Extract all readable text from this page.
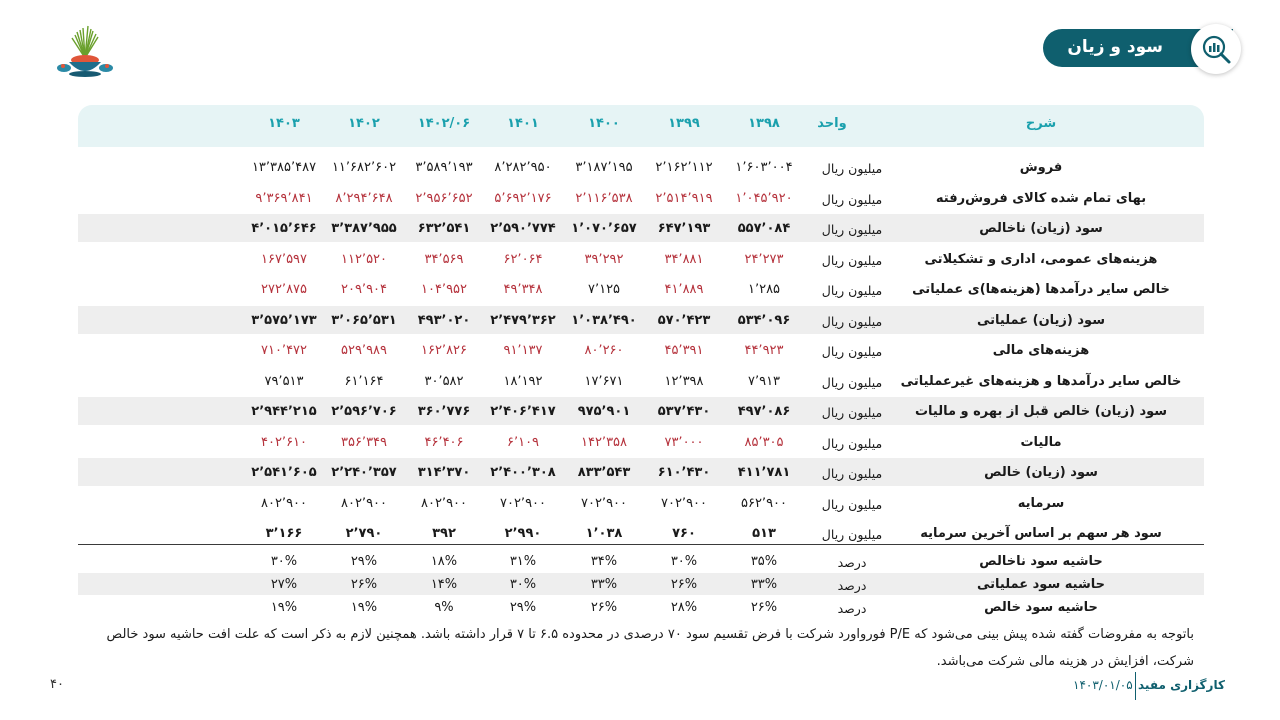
سود و زیان
شرح
واحد
۱۳۹۸
۱۳۹۹
۱۴۰۰
۱۴۰۱
۱۴۰۲/۰۶
۱۴۰۲
۱۴۰۳
فروش
میلیون ریال
۱٬۶۰۳٬۰۰۴
۲٬۱۶۲٬۱۱۲
۳٬۱۸۷٬۱۹۵
۸٬۲۸۲٬۹۵۰
۳٬۵۸۹٬۱۹۳
۱۱٬۶۸۲٬۶۰۲
۱۳٬۳۸۵٬۴۸۷
بهای تمام شده کالای فروش‌رفته
میلیون ریال
۱٬۰۴۵٬۹۲۰
۲٬۵۱۴٬۹۱۹
۲٬۱۱۶٬۵۳۸
۵٬۶۹۲٬۱۷۶
۲٬۹۵۶٬۶۵۲
۸٬۲۹۴٬۶۴۸
۹٬۳۶۹٬۸۴۱
سود (زیان) ناخالص
میلیون ریال
۵۵۷٬۰۸۴
۶۴۷٬۱۹۳
۱٬۰۷۰٬۶۵۷
۲٬۵۹۰٬۷۷۴
۶۳۲٬۵۴۱
۳٬۳۸۷٬۹۵۵
۴٬۰۱۵٬۶۴۶
هزینه‌های عمومی، اداری و تشکیلاتی
میلیون ریال
۲۴٬۲۷۳
۳۴٬۸۸۱
۳۹٬۲۹۲
۶۲٬۰۶۴
۳۴٬۵۶۹
۱۱۲٬۵۲۰
۱۶۷٬۵۹۷
خالص سایر درآمدها (هزینه‌ها)ی عملیاتی
میلیون ریال
۱٬۲۸۵
۴۱٬۸۸۹
۷٬۱۲۵
۴۹٬۳۴۸
۱۰۴٬۹۵۲
۲۰۹٬۹۰۴
۲۷۲٬۸۷۵
سود (زیان) عملیاتی
میلیون ریال
۵۳۴٬۰۹۶
۵۷۰٬۴۲۳
۱٬۰۳۸٬۴۹۰
۲٬۴۷۹٬۳۶۲
۴۹۳٬۰۲۰
۳٬۰۶۵٬۵۳۱
۳٬۵۷۵٬۱۷۳
هزینه‌های مالی
میلیون ریال
۴۴٬۹۲۳
۴۵٬۳۹۱
۸۰٬۲۶۰
۹۱٬۱۳۷
۱۶۲٬۸۲۶
۵۲۹٬۹۸۹
۷۱۰٬۴۷۲
خالص سایر درآمدها و هزینه‌های غیرعملیاتی
میلیون ریال
۷٬۹۱۳
۱۲٬۳۹۸
۱۷٬۶۷۱
۱۸٬۱۹۲
۳۰٬۵۸۲
۶۱٬۱۶۴
۷۹٬۵۱۳
سود (زیان) خالص قبل از بهره و مالیات
میلیون ریال
۴۹۷٬۰۸۶
۵۳۷٬۴۳۰
۹۷۵٬۹۰۱
۲٬۴۰۶٬۴۱۷
۳۶۰٬۷۷۶
۲٬۵۹۶٬۷۰۶
۲٬۹۴۴٬۲۱۵
مالیات
میلیون ریال
۸۵٬۳۰۵
۷۳٬۰۰۰
۱۴۲٬۳۵۸
۶٬۱۰۹
۴۶٬۴۰۶
۳۵۶٬۳۴۹
۴۰۲٬۶۱۰
سود (زیان) خالص
میلیون ریال
۴۱۱٬۷۸۱
۶۱۰٬۴۳۰
۸۳۳٬۵۴۳
۲٬۴۰۰٬۳۰۸
۳۱۴٬۳۷۰
۲٬۲۴۰٬۳۵۷
۲٬۵۴۱٬۶۰۵
سرمایه
میلیون ریال
۵۶۲٬۹۰۰
۷۰۲٬۹۰۰
۷۰۲٬۹۰۰
۷۰۲٬۹۰۰
۸۰۲٬۹۰۰
۸۰۲٬۹۰۰
۸۰۲٬۹۰۰
سود هر سهم بر اساس آخرین سرمایه
میلیون ریال
۵۱۳
۷۶۰
۱٬۰۳۸
۲٬۹۹۰
۳۹۲
۲٬۷۹۰
۳٬۱۶۶
حاشیه سود ناخالص
درصد
۳۵%
۳۰%
۳۴%
۳۱%
۱۸%
۲۹%
۳۰%
حاشیه سود عملیاتی
درصد
۳۳%
۲۶%
۳۳%
۳۰%
۱۴%
۲۶%
۲۷%
حاشیه سود خالص
درصد
۲۶%
۲۸%
۲۶%
۲۹%
۹%
۱۹%
۱۹%
باتوجه به مفروضات گفته شده پیش بینی می‌شود که P/E فورواورد شرکت با فرض تقسیم سود ۷۰ درصدی در محدوده ۶.۵ تا ۷ قرار داشته باشد. همچنین لازم به ذکر است که علت افت حاشیه سود خالص شرکت، افزایش در هزینه مالی شرکت می‌باشد.
۴۰	۱۴۰۳/۰۱/۰۵ کارگزاری مفید
